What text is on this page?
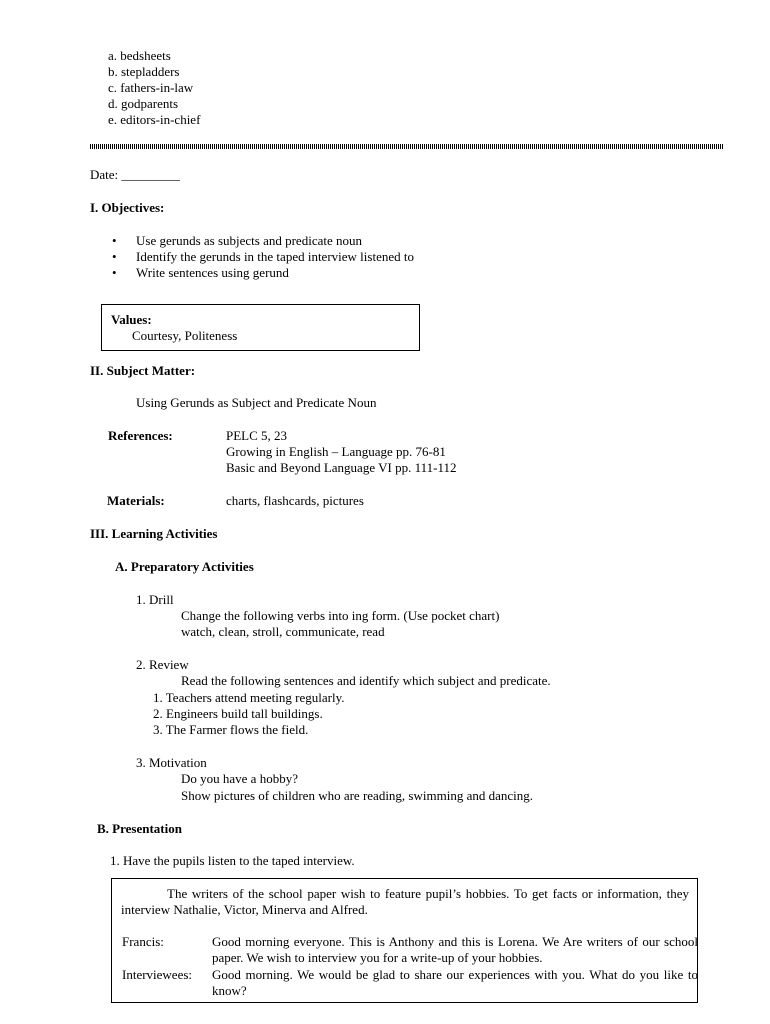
a. bedsheets
b. stepladders
c. fathers-in-law
d. godparents
e. editors-in-chief
Date: _________
I. Objectives:
• Use gerunds as subjects and predicate noun
• Identify the gerunds in the taped interview listened to
• Write sentences using gerund
Values:
Courtesy, Politeness
II. Subject Matter:
Using Gerunds as Subject and Predicate Noun
References:	PELC 5, 23
Growing in English – Language pp. 76-81
Basic and Beyond Language VI pp. 111-112
Materials:	charts, flashcards, pictures
III. Learning Activities
A. Preparatory Activities
1. Drill
Change the following verbs into ing form. (Use pocket chart)
watch, clean, stroll, communicate, read
2. Review
Read the following sentences and identify which subject and predicate.
1. Teachers attend meeting regularly.
2. Engineers build tall buildings.
3. The Farmer flows the field.
3. Motivation
Do you have a hobby?
Show pictures of children who are reading, swimming and dancing.
B. Presentation
1. Have the pupils listen to the taped interview.

The writers of the school paper wish to feature pupil’s hobbies. To get facts or information, they interview Nathalie, Victor, Minerva and Alfred.

Francis:	Good morning everyone. This is Anthony and this is Lorena. We Are writers of our school paper. We wish to interview you for a write-up of your hobbies.
Interviewees: Good morning. We would be glad to share our experiences with you. What do you like to know?
